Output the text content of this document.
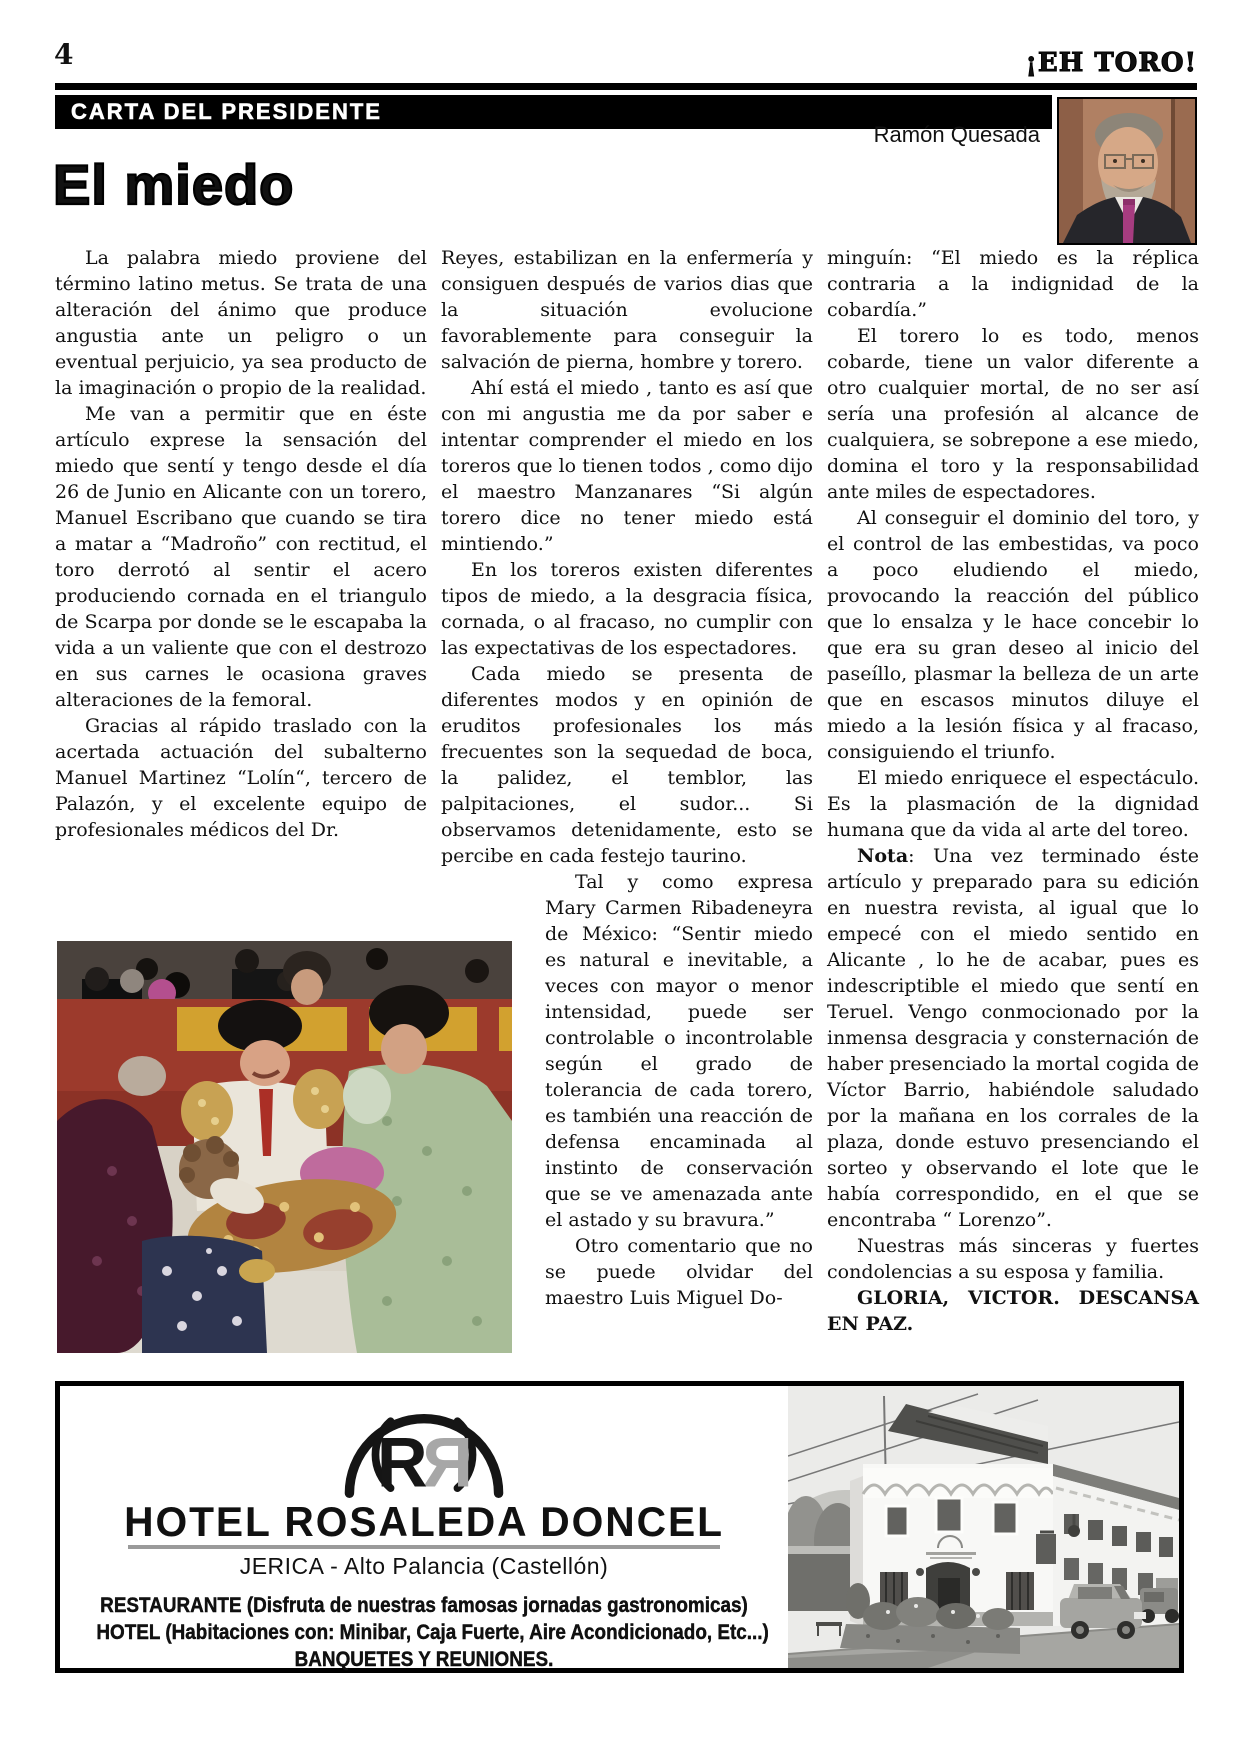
4	¡EH TORO!
CARTA DEL PRESIDENTE
Ramón Quesada
El miedo

La palabra miedo proviene del término latino metus. Se trata de una alteración del ánimo que produce angustia ante un peligro o un eventual perjuicio, ya sea producto de la imaginación o propio de la realidad.

Me van a permitir que en éste artículo exprese la sensación del miedo que sentí y tengo desde el día 26 de Junio en Alicante con un torero, Manuel Escribano que cuando se tira a matar a “Madroño” con rectitud, el toro derrotó al sentir el acero produciendo cornada en el triangulo de Scarpa por donde se le escapaba la vida a un valiente que con el destrozo en sus carnes le ocasiona graves alteraciones de la femoral.

Gracias al rápido traslado con la acertada actuación del subalterno Manuel Martinez “Lolín“, tercero de Palazón, y el excelente equipo de profesionales médicos del Dr.

Reyes, estabilizan en la enfermería y consiguen después de varios dias que la situación evolucione favorablemente para conseguir la salvación de pierna, hombre y torero.

Ahí está el miedo , tanto es así que con mi angustia me da por saber e intentar comprender el miedo en los toreros que lo tienen todos , como dijo el maestro Manzanares “Si algún torero dice no tener miedo está mintiendo.”

En los toreros existen diferentes tipos de miedo, a la desgracia física, cornada, o al fracaso, no cumplir con las expectativas de los espectadores.

Cada miedo se presenta de diferentes modos y en opinión de eruditos profesionales los más frecuentes son la sequedad de boca, la palidez, el temblor, las palpitaciones, el sudor... Si observamos detenidamente, esto se percibe en cada festejo taurino.

Tal y como expresa Mary Carmen Ribadeneyra de México: “Sentir miedo es natural e inevitable, a veces con mayor o menor intensidad, puede ser controlable o incontrolable según el grado de tolerancia de cada torero, es también una reacción de defensa encaminada al instinto de conservación que se ve amenazada ante el astado y su bravura.”

Otro comentario que no se puede olvidar del maestro Luis Miguel Do-

minguín: “El miedo es la réplica contraria a la indignidad de la cobardía.”

El torero lo es todo, menos cobarde, tiene un valor diferente a otro cualquier mortal, de no ser así sería una profesión al alcance de cualquiera, se sobrepone a ese miedo, domina el toro y la responsabilidad ante miles de espectadores.

Al conseguir el dominio del toro, y el control de las embestidas, va poco a poco eludiendo el miedo, provocando la reacción del público que lo ensalza y le hace concebir lo que era su gran deseo al inicio del paseíllo, plasmar la belleza de un arte que en escasos minutos diluye el miedo a la lesión física y al fracaso, consiguiendo el triunfo.

El miedo enriquece el espectáculo. Es la plasmación de la dignidad humana que da vida al arte del toreo.

Nota: Una vez terminado éste artículo y preparado para su edición en nuestra revista, al igual que lo empecé con el miedo sentido en Alicante , lo he de acabar, pues es indescriptible el miedo que sentí en Teruel. Vengo conmocionado por la inmensa desgracia y consternación de haber presenciado la mortal cogida de Víctor Barrio, habiéndole saludado por la mañana en los corrales de la plaza, donde estuvo presenciando el sorteo y observando el lote que le había correspondido, en el que se encontraba “ Lorenzo”.

Nuestras más sinceras y fuertes condolencias a su esposa y familia.

GLORIA, VICTOR. DESCANSA EN PAZ.

R
R
HOTEL ROSALEDA DONCEL
JERICA - Alto Palancia (Castellón)
RESTAURANTE (Disfruta de nuestras famosas jornadas gastronomicas)
HOTEL (Habitaciones con: Minibar, Caja Fuerte, Aire Acondicionado, Etc...)
BANQUETES Y REUNIONES.
